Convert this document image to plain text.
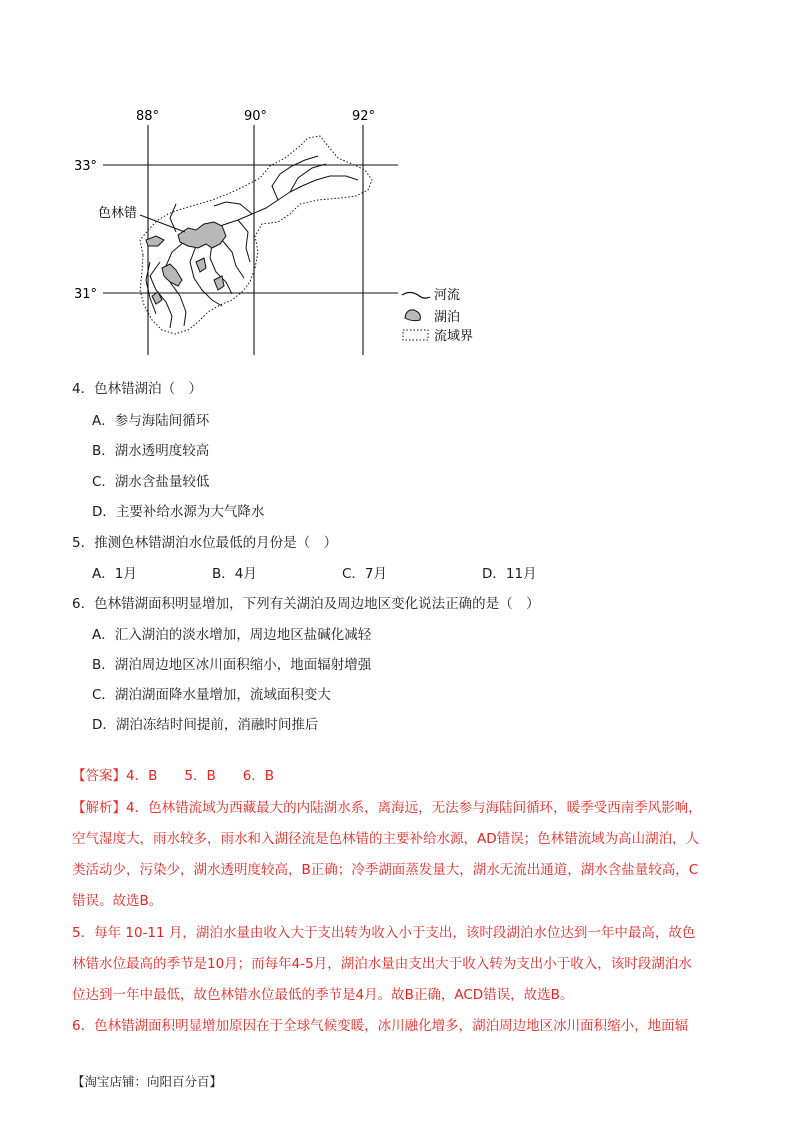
88°	90°	92°
33°
31°
色林错
河流
湖泊
流域界
4．色林错湖泊（　）
A．参与海陆间循环
B．湖水透明度较高
C．湖水含盐量较低
D．主要补给水源为大气降水
5．推测色林错湖泊水位最低的月份是（　）
A．1月	B．4月	C．7月	D．11月
6．色林错湖面积明显增加，下列有关湖泊及周边地区变化说法正确的是（　）
A．汇入湖泊的淡水增加，周边地区盐碱化减轻
B．湖泊周边地区冰川面积缩小，地面辐射增强
C．湖泊湖面降水量增加，流域面积变大
D．湖泊冻结时间提前，消融时间推后
【答案】4．B　　5．B　　6．B
【解析】4．色林错流域为西藏最大的内陆湖水系，离海远，无法参与海陆间循环，暖季受西南季风影响，
空气湿度大，雨水较多，雨水和入湖径流是色林错的主要补给水源，AD错误；色林错流域为高山湖泊，人
类活动少，污染少，湖水透明度较高，B正确；冷季湖面蒸发量大，湖水无流出通道，湖水含盐量较高，C
错误。故选B。
5．每年 10-11 月，湖泊水量由收入大于支出转为收入小于支出，该时段湖泊水位达到一年中最高，故色
林错水位最高的季节是10月；而每年4-5月，湖泊水量由支出大于收入转为支出小于收入，该时段湖泊水
位达到一年中最低，故色林错水位最低的季节是4月。故B正确，ACD错误，故选B。
6．色林错湖面积明显增加原因在于全球气候变暖，冰川融化增多，湖泊周边地区冰川面积缩小，地面辐
【淘宝店铺：向阳百分百】
